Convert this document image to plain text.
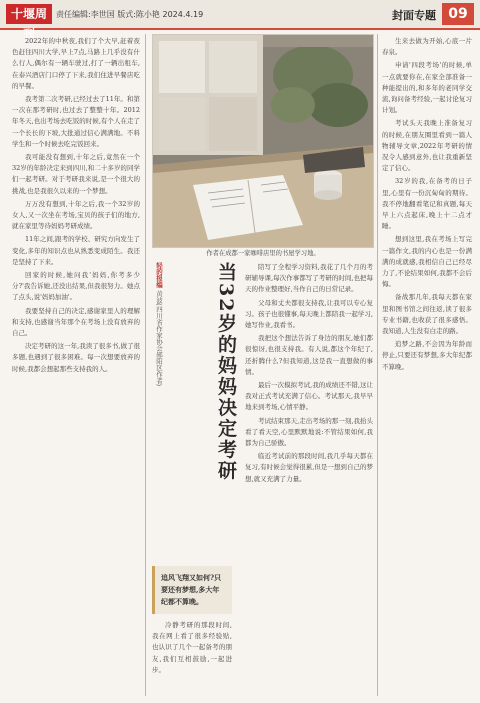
十堰周刊
责任编辑:李世国 版式:陈小艳 2024.4.19	封面专题 09

2022年的中秋夜,我们了个大早,赶着夜色赶往四川大学,早上7点,马路上几乎没有什么行人,偶尔有一辆车驶过,打了一辆出租车,在泰兴酒店门口停了下来,我们住进早餐店吃的早餐。

我考第二次考研,已经过去了11年。和第一次在那考研时,也过去了整整十年。2012年冬天,也出考场去吃饭的时候,有个人在走了一个长长的下坡,大批通过信心满满地。不料学生和一个时候去吃完饭回来。

我可能没有想到,十年之后,竟然在一个32岁的年龄决定来到四川,和二十多岁的同学们一起考研。对于考研我来说,是一个很大的挑战,也是我很久以来的一个梦想。

万万没有想到,十年之后,我一个32岁的女人,又一次坐在考场,宝贝的孩子们的地方,就在家里等待妈妈考研成绩。

11年之间,跟考的学校、研究方向发生了变化,多年的知识点也从熟悉变成陌生。我还是坚持了下来。

回家的时候,她问我'妈妈,你考多少分?'我告诉她,还没出结果,但我很努力。她点了点头,说'妈妈加油'。

我要坚持自己的决定,感谢家里人的理解和支持,也感谢当年那个在考场上没有放弃的自己。

决定考研的这一年,我读了很多书,做了很多题,也遇到了很多困难。每一次想要放弃的时候,我都会想起那些支持我的人。

作者在成都一家咖啡店里的书屋学习地。
当32岁的妈妈决定考研
轻的报编 黄波(四川省作家协会郧阳区作者)
追风飞翔又如何?只要还有梦想,多大年纪都不算晚。

陪写了全程学习资料,我花了几个月的考研辅导课,每次作事都写了考研的时间,也把每天的作业整理好,当作自己的日常记录。

父母和丈夫都很支持我,让我可以专心复习。孩子也很懂事,每天晚上都陪我一起学习,她写作业,我看书。

我把这个想法告诉了身边的朋友,她们都很惊讶,也很支持我。有人说,都这个年纪了,还折腾什么?但我知道,这是我一直想做的事情。

最后一次模拟考试,我的成绩还不错,这让我对正式考试充满了信心。考试那天,我早早地来到考场,心情平静。

考试结束那天,走出考场的那一刻,我抬头看了看天空,心里默默地说:不管结果如何,我都为自己骄傲。

临近考试前的那段时间,我几乎每天都在复习,有时候会觉得很累,但是一想到自己的梦想,就又充满了力量。

冷静考研的那段时间,我在网上看了很多经验贴,也认识了几个一起备考的朋友,我们互相鼓励,一起进步。

生来去做为开始,心底一片春泉。

申请'四段考场'的时候,单一点就要你在,在家全部准备一种能提出的,和多年的老同学交流,询问备考经验,一起讨论复习计划。

考试头天我晚上准备复习的时候,在朋友圈里看到一篇人物辅导文章,2022年考研的情况令人感到意外,也让我重新坚定了信心。

32岁的我,在备考的日子里,心里有一份沉甸甸的期待。我不停地翻看笔记和真题,每天早上六点起床,晚上十二点才睡。

想到这里,我在考场上写完一篇作文,我的内心也是一份满满的成就感,我相信自己已经尽力了,不论结果如何,我都不会后悔。

备战那几年,我每天都在家里和图书馆之间往返,读了很多专业书籍,也收获了很多感悟。我知道,人生没有白走的路。

追梦之路,不会因为年龄而停止,只要还有梦想,多大年纪都不算晚。
